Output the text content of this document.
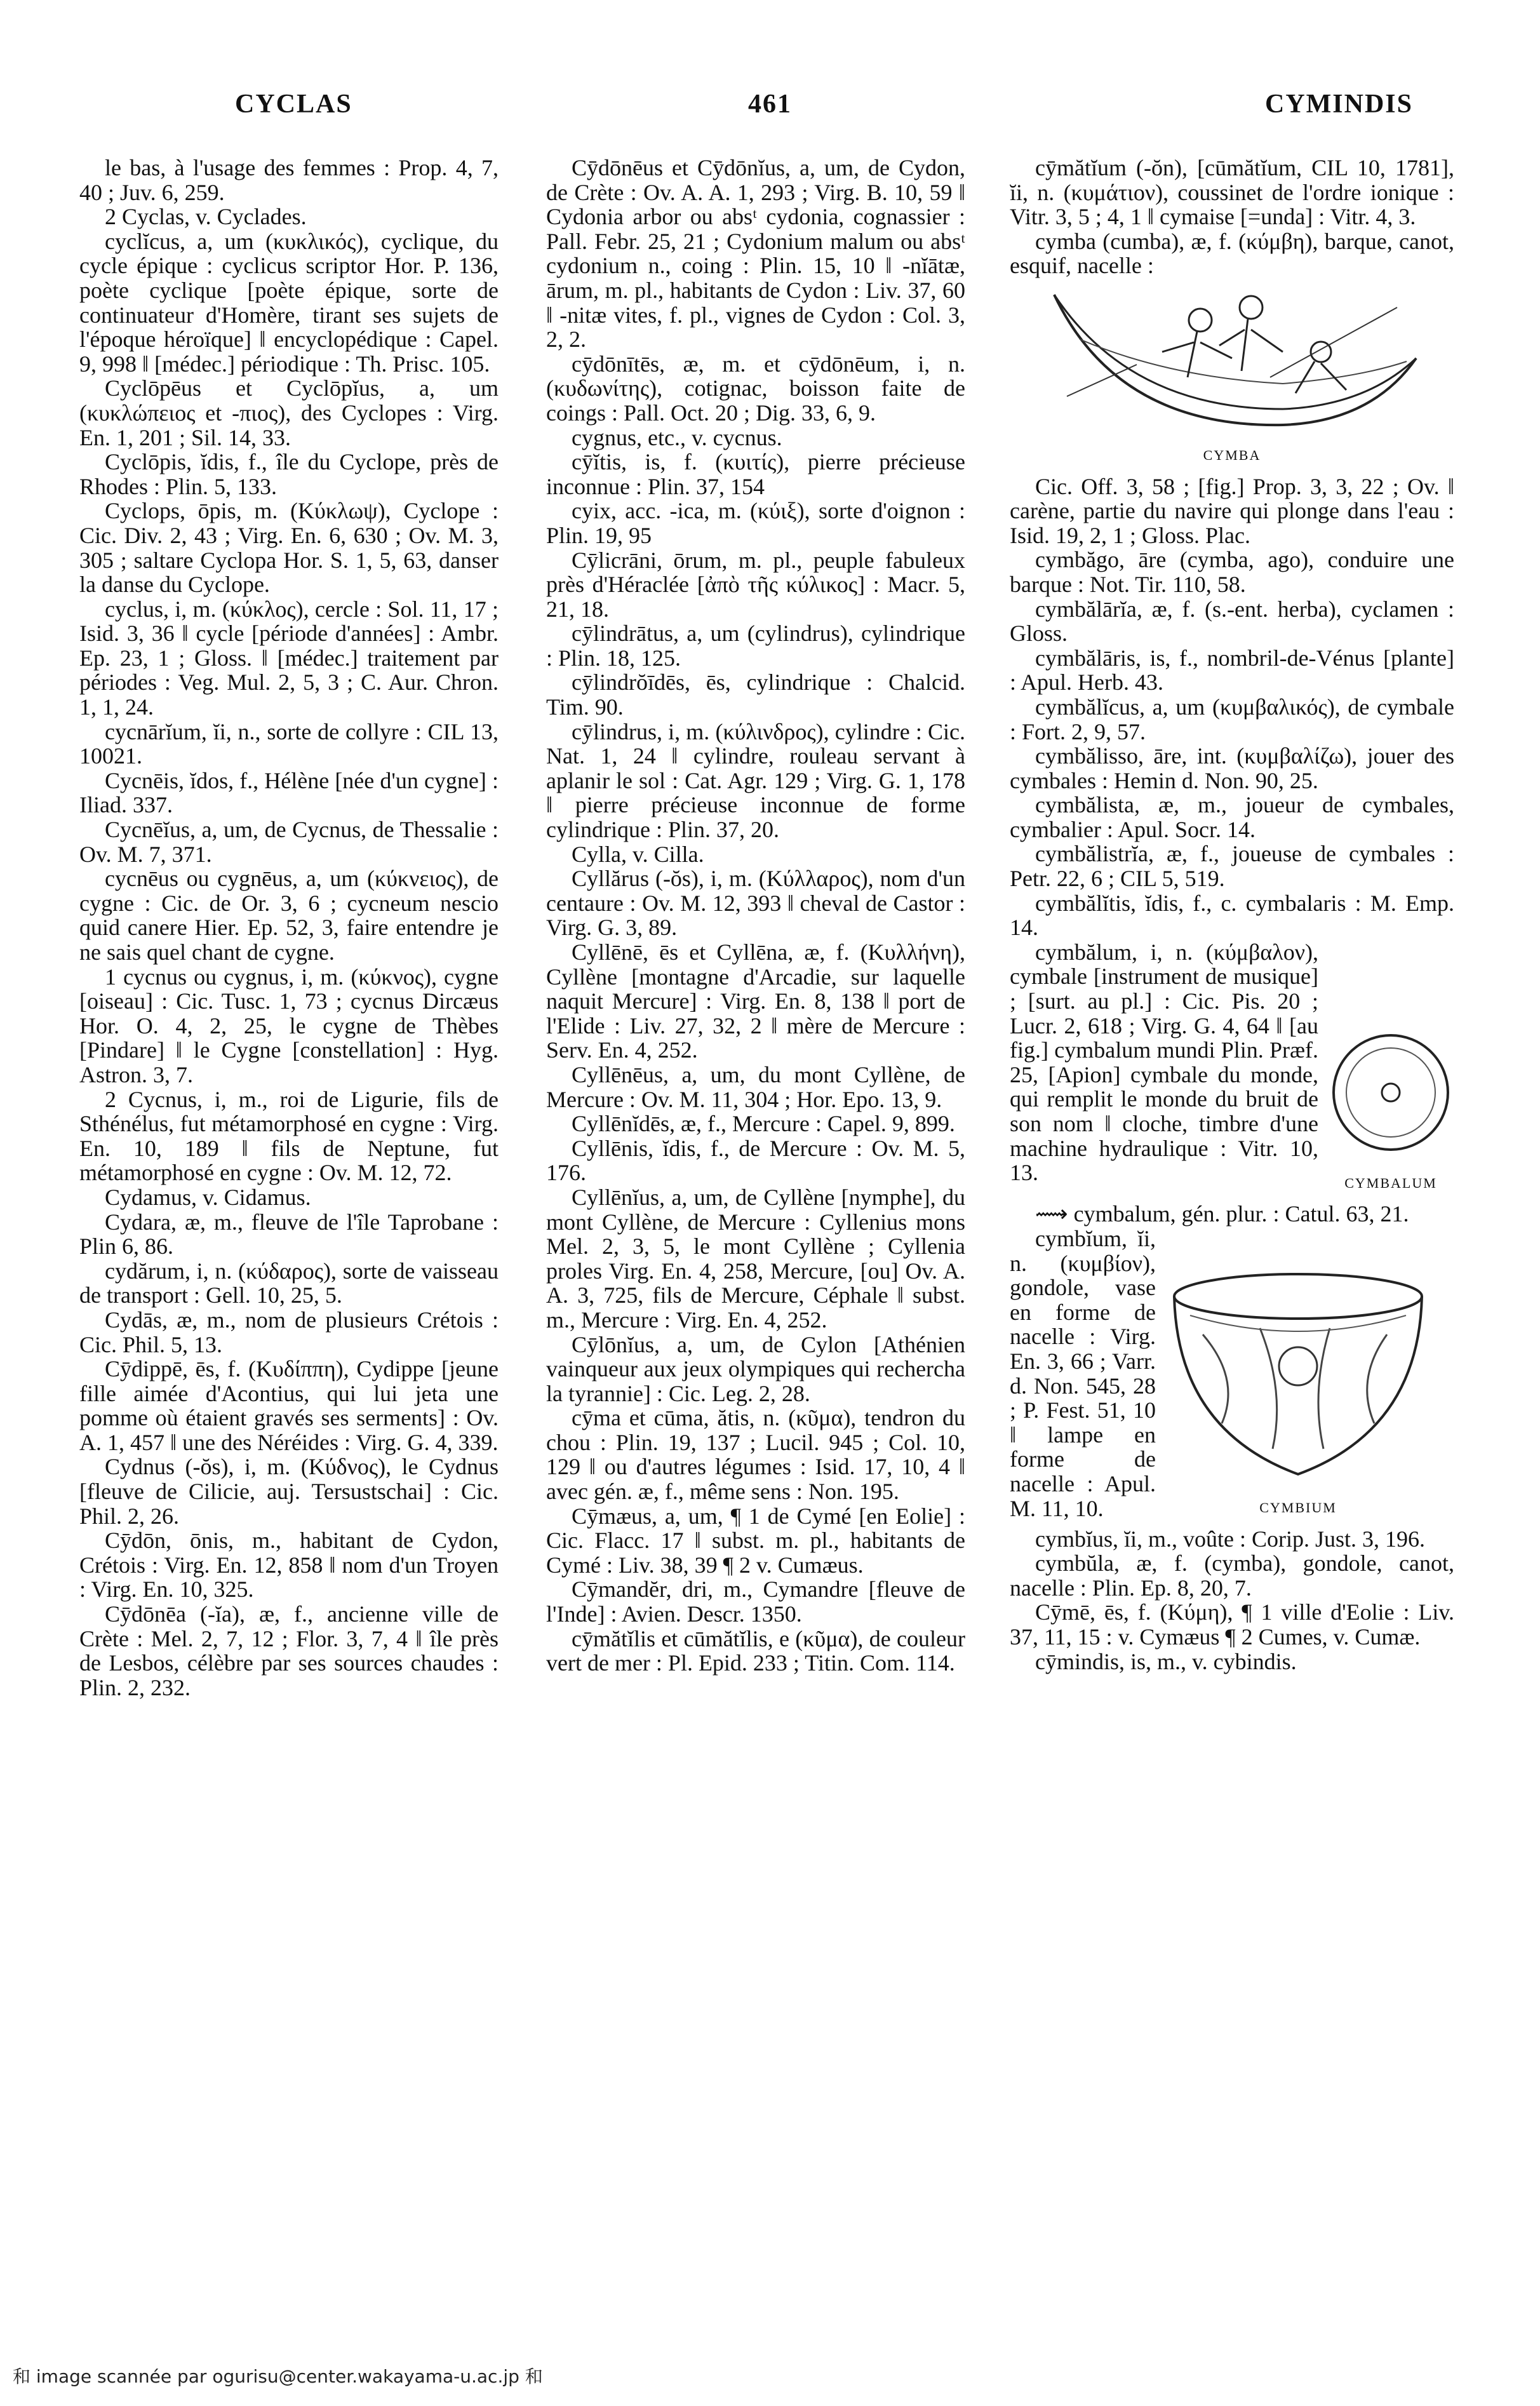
CYCLAS	461	CYMINDIS

le bas, à l'usage des femmes : Prop. 4, 7, 40 ; Juv. 6, 259.

2 Cyclas, v. Cyclades.

cyclĭcus, a, um (κυκλικός), cyclique, du cycle épique : cyclicus scriptor Hor. P. 136, poète cyclique [poète épique, sorte de continuateur d'Homère, tirant ses sujets de l'époque héroïque] ‖ encyclopédique : Capel. 9, 998 ‖ [médec.] périodique : Th. Prisc. 105.

Cyclōpēus et Cyclōpĭus, a, um (κυκλώπειος et -πιος), des Cyclopes : Virg. En. 1, 201 ; Sil. 14, 33.

Cyclōpis, ĭdis, f., île du Cyclope, près de Rhodes : Plin. 5, 133.

Cyclops, ōpis, m. (Κύκλωψ), Cyclope : Cic. Div. 2, 43 ; Virg. En. 6, 630 ; Ov. M. 3, 305 ; saltare Cyclopa Hor. S. 1, 5, 63, danser la danse du Cyclope.

cyclus, i, m. (κύκλος), cercle : Sol. 11, 17 ; Isid. 3, 36 ‖ cycle [période d'années] : Ambr. Ep. 23, 1 ; Gloss. ‖ [médec.] traitement par périodes : Veg. Mul. 2, 5, 3 ; C. Aur. Chron. 1, 1, 24.

cycnārĭum, ĭi, n., sorte de collyre : CIL 13, 10021.

Cycnēis, ĭdos, f., Hélène [née d'un cygne] : Iliad. 337.

Cycnēĭus, a, um, de Cycnus, de Thessalie : Ov. M. 7, 371.

cycnēus ou cygnēus, a, um (κύκνειος), de cygne : Cic. de Or. 3, 6 ; cycneum nescio quid canere Hier. Ep. 52, 3, faire entendre je ne sais quel chant de cygne.

1 cycnus ou cygnus, i, m. (κύκνος), cygne [oiseau] : Cic. Tusc. 1, 73 ; cycnus Dircæus Hor. O. 4, 2, 25, le cygne de Thèbes [Pindare] ‖ le Cygne [constellation] : Hyg. Astron. 3, 7.

2 Cycnus, i, m., roi de Ligurie, fils de Sthénélus, fut métamorphosé en cygne : Virg. En. 10, 189 ‖ fils de Neptune, fut métamorphosé en cygne : Ov. M. 12, 72.

Cydamus, v. Cidamus.

Cydara, æ, m., fleuve de l'île Taprobane : Plin 6, 86.

cydărum, i, n. (κύδαρος), sorte de vaisseau de transport : Gell. 10, 25, 5.

Cydās, æ, m., nom de plusieurs Crétois : Cic. Phil. 5, 13.

Cȳdippē, ēs, f. (Κυδίππη), Cydippe [jeune fille aimée d'Acontius, qui lui jeta une pomme où étaient gravés ses serments] : Ov. A. 1, 457 ‖ une des Néréides : Virg. G. 4, 339.

Cydnus (-ŏs), i, m. (Κύδνος), le Cydnus [fleuve de Cilicie, auj. Tersustschai] : Cic. Phil. 2, 26.

Cȳdōn, ōnis, m., habitant de Cydon, Crétois : Virg. En. 12, 858 ‖ nom d'un Troyen : Virg. En. 10, 325.

Cȳdōnēa (-ĭa), æ, f., ancienne ville de Crète : Mel. 2, 7, 12 ; Flor. 3, 7, 4 ‖ île près de Lesbos, célèbre par ses sources chaudes : Plin. 2, 232.

Cȳdōnēus et Cȳdōnĭus, a, um, de Cydon, de Crète : Ov. A. A. 1, 293 ; Virg. B. 10, 59 ‖ Cydonia arbor ou absᵗ cydonia, cognassier : Pall. Febr. 25, 21 ; Cydonium malum ou absᵗ cydonium n., coing : Plin. 15, 10 ‖ -nĭātæ, ārum, m. pl., habitants de Cydon : Liv. 37, 60 ‖ -nitæ vites, f. pl., vignes de Cydon : Col. 3, 2, 2.

cȳdōnītēs, æ, m. et cȳdōnēum, i, n. (κυδωνίτης), cotignac, boisson faite de coings : Pall. Oct. 20 ; Dig. 33, 6, 9.

cygnus, etc., v. cycnus.

cȳĭtis, is, f. (κυιτίς), pierre précieuse inconnue : Plin. 37, 154

cyix, acc. -ica, m. (κύιξ), sorte d'oignon : Plin. 19, 95

Cȳlicrāni, ōrum, m. pl., peuple fabuleux près d'Héraclée [ἀπὸ τῆς κύλικος] : Macr. 5, 21, 18.

cȳlindrātus, a, um (cylindrus), cylindrique : Plin. 18, 125.

cȳlindrŏīdēs, ēs, cylindrique : Chalcid. Tim. 90.

cȳlindrus, i, m. (κύλινδρος), cylindre : Cic. Nat. 1, 24 ‖ cylindre, rouleau servant à aplanir le sol : Cat. Agr. 129 ; Virg. G. 1, 178 ‖ pierre précieuse inconnue de forme cylindrique : Plin. 37, 20.

Cylla, v. Cilla.

Cyllărus (-ŏs), i, m. (Κύλλαρος), nom d'un centaure : Ov. M. 12, 393 ‖ cheval de Castor : Virg. G. 3, 89.

Cyllēnē, ēs et Cyllēna, æ, f. (Κυλλήνη), Cyllène [montagne d'Arcadie, sur laquelle naquit Mercure] : Virg. En. 8, 138 ‖ port de l'Elide : Liv. 27, 32, 2 ‖ mère de Mercure : Serv. En. 4, 252.

Cyllēnēus, a, um, du mont Cyllène, de Mercure : Ov. M. 11, 304 ; Hor. Epo. 13, 9.

Cyllēnĭdēs, æ, f., Mercure : Capel. 9, 899.

Cyllēnis, ĭdis, f., de Mercure : Ov. M. 5, 176.

Cyllēnĭus, a, um, de Cyllène [nymphe], du mont Cyllène, de Mercure : Cyllenius mons Mel. 2, 3, 5, le mont Cyllène ; Cyllenia proles Virg. En. 4, 258, Mercure, [ou] Ov. A. A. 3, 725, fils de Mercure, Céphale ‖ subst. m., Mercure : Virg. En. 4, 252.

Cȳlōnĭus, a, um, de Cylon [Athénien vainqueur aux jeux olympiques qui rechercha la tyrannie] : Cic. Leg. 2, 28.

cȳma et cūma, ătis, n. (κῦμα), tendron du chou : Plin. 19, 137 ; Lucil. 945 ; Col. 10, 129 ‖ ou d'autres légumes : Isid. 17, 10, 4 ‖ avec gén. æ, f., même sens : Non. 195.

Cȳmæus, a, um, ¶ 1 de Cymé [en Eolie] : Cic. Flacc. 17 ‖ subst. m. pl., habitants de Cymé : Liv. 38, 39 ¶ 2 v. Cumæus.

Cȳmandĕr, dri, m., Cymandre [fleuve de l'Inde] : Avien. Descr. 1350.

cȳmătĭlis et cūmătĭlis, e (κῦμα), de couleur vert de mer : Pl. Epid. 233 ; Titin. Com. 114.

cȳmătĭum (-ŏn), [cūmătĭum, CIL 10, 1781], ĭi, n. (κυμάτιον), coussinet de l'ordre ionique : Vitr. 3, 5 ; 4, 1 ‖ cymaise [=unda] : Vitr. 4, 3.

cymba (cumba), æ, f. (κύμβη), barque, canot, esquif, nacelle :

CYMBA

Cic. Off. 3, 58 ; [fig.] Prop. 3, 3, 22 ; Ov. ‖ carène, partie du navire qui plonge dans l'eau : Isid. 19, 2, 1 ; Gloss. Plac.

cymbăgo, āre (cymba, ago), conduire une barque : Not. Tir. 110, 58.

cymbălārĭa, æ, f. (s.-ent. herba), cyclamen : Gloss.

cymbălāris, is, f., nombril-de-Vénus [plante] : Apul. Herb. 43.

cymbălĭcus, a, um (κυμβαλικός), de cymbale : Fort. 2, 9, 57.

cymbălisso, āre, int. (κυμβαλίζω), jouer des cymbales : Hemin d. Non. 90, 25.

cymbălista, æ, m., joueur de cymbales, cymbalier : Apul. Socr. 14.

cymbălistrĭa, æ, f., joueuse de cymbales : Petr. 22, 6 ; CIL 5, 519.

cymbălĭtis, ĭdis, f., c. cymbalaris : M. Emp. 14.

cymbălum, i, n. (κύμβαλον), cymbale [instrument de musique] ; [surt. au pl.] : Cic. Pis. 20 ; Lucr. 2, 618 ; Virg. G. 4, 64 ‖ [au fig.] cymbalum mundi Plin. Præf. 25, [Apion] cymbale du monde, qui remplit le monde du bruit de son nom ‖ cloche, timbre d'une machine hydraulique : Vitr. 10, 13.	CYMBALUM

⟿ cymbalum, gén. plur. : Catul. 63, 21.

cymbĭum, ĭi, n. (κυμβίον), gondole, vase en forme de nacelle : Virg. En. 3, 66 ; Varr. d. Non. 545, 28 ; P. Fest. 51, 10 ‖ lampe en forme de nacelle : Apul. M. 11, 10.	CYMBIUM

cymbĭus, ĭi, m., voûte : Corip. Just. 3, 196.

cymbŭla, æ, f. (cymba), gondole, canot, nacelle : Plin. Ep. 8, 20, 7.

Cȳmē, ēs, f. (Κύμη), ¶ 1 ville d'Eolie : Liv. 37, 11, 15 : v. Cymæus ¶ 2 Cumes, v. Cumæ.

cȳmindis, is, m., v. cybindis.

和 image scannée par ogurisu@center.wakayama-u.ac.jp 和
